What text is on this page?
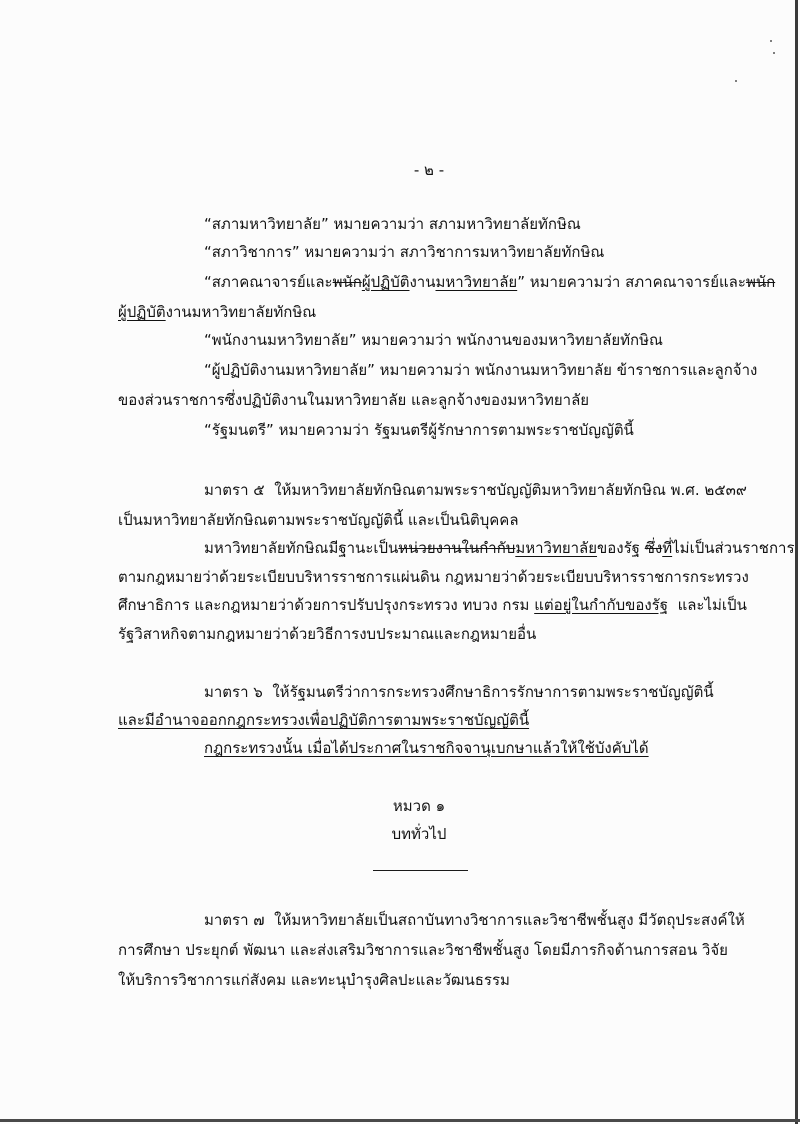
- ๒ -
“สภามหาวิทยาลัย” หมายความว่า สภามหาวิทยาลัยทักษิณ
“สภาวิชาการ” หมายความว่า สภาวิชาการมหาวิทยาลัยทักษิณ
“สภาคณาจารย์และพนักผู้ปฏิบัติงานมหาวิทยาลัย” หมายความว่า สภาคณาจารย์และพนัก
ผู้ปฏิบัติงานมหาวิทยาลัยทักษิณ
“พนักงานมหาวิทยาลัย” หมายความว่า พนักงานของมหาวิทยาลัยทักษิณ
“ผู้ปฏิบัติงานมหาวิทยาลัย” หมายความว่า พนักงานมหาวิทยาลัย ข้าราชการและลูกจ้าง
ของส่วนราชการซึ่งปฏิบัติงานในมหาวิทยาลัย และลูกจ้างของมหาวิทยาลัย
“รัฐมนตรี” หมายความว่า รัฐมนตรีผู้รักษาการตามพระราชบัญญัตินี้
มาตรา ๕  ให้มหาวิทยาลัยทักษิณตามพระราชบัญญัติมหาวิทยาลัยทักษิณ พ.ศ. ๒๕๓๙
เป็นมหาวิทยาลัยทักษิณตามพระราชบัญญัตินี้ และเป็นนิติบุคคล
มหาวิทยาลัยทักษิณมีฐานะเป็นหน่วยงานในกำกับมหาวิทยาลัยของรัฐ ซึ่งที่ไม่เป็นส่วนราชการ
ตามกฎหมายว่าด้วยระเบียบบริหารราชการแผ่นดิน กฎหมายว่าด้วยระเบียบบริหารราชการกระทรวง
ศึกษาธิการ และกฎหมายว่าด้วยการปรับปรุงกระทรวง ทบวง กรม แต่อยู่ในกำกับของรัฐ  และไม่เป็น
รัฐวิสาหกิจตามกฎหมายว่าด้วยวิธีการงบประมาณและกฎหมายอื่น
มาตรา ๖  ให้รัฐมนตรีว่าการกระทรวงศึกษาธิการรักษาการตามพระราชบัญญัตินี้
และมีอำนาจออกกฎกระทรวงเพื่อปฏิบัติการตามพระราชบัญญัตินี้
กฎกระทรวงนั้น เมื่อได้ประกาศในราชกิจจานุเบกษาแล้วให้ใช้บังคับได้
หมวด ๑
บททั่วไป
มาตรา ๗  ให้มหาวิทยาลัยเป็นสถาบันทางวิชาการและวิชาชีพชั้นสูง มีวัตถุประสงค์ให้
การศึกษา ประยุกต์ พัฒนา และส่งเสริมวิชาการและวิชาชีพชั้นสูง โดยมีภารกิจด้านการสอน วิจัย
ให้บริการวิชาการแก่สังคม และทะนุบำรุงศิลปะและวัฒนธรรม
